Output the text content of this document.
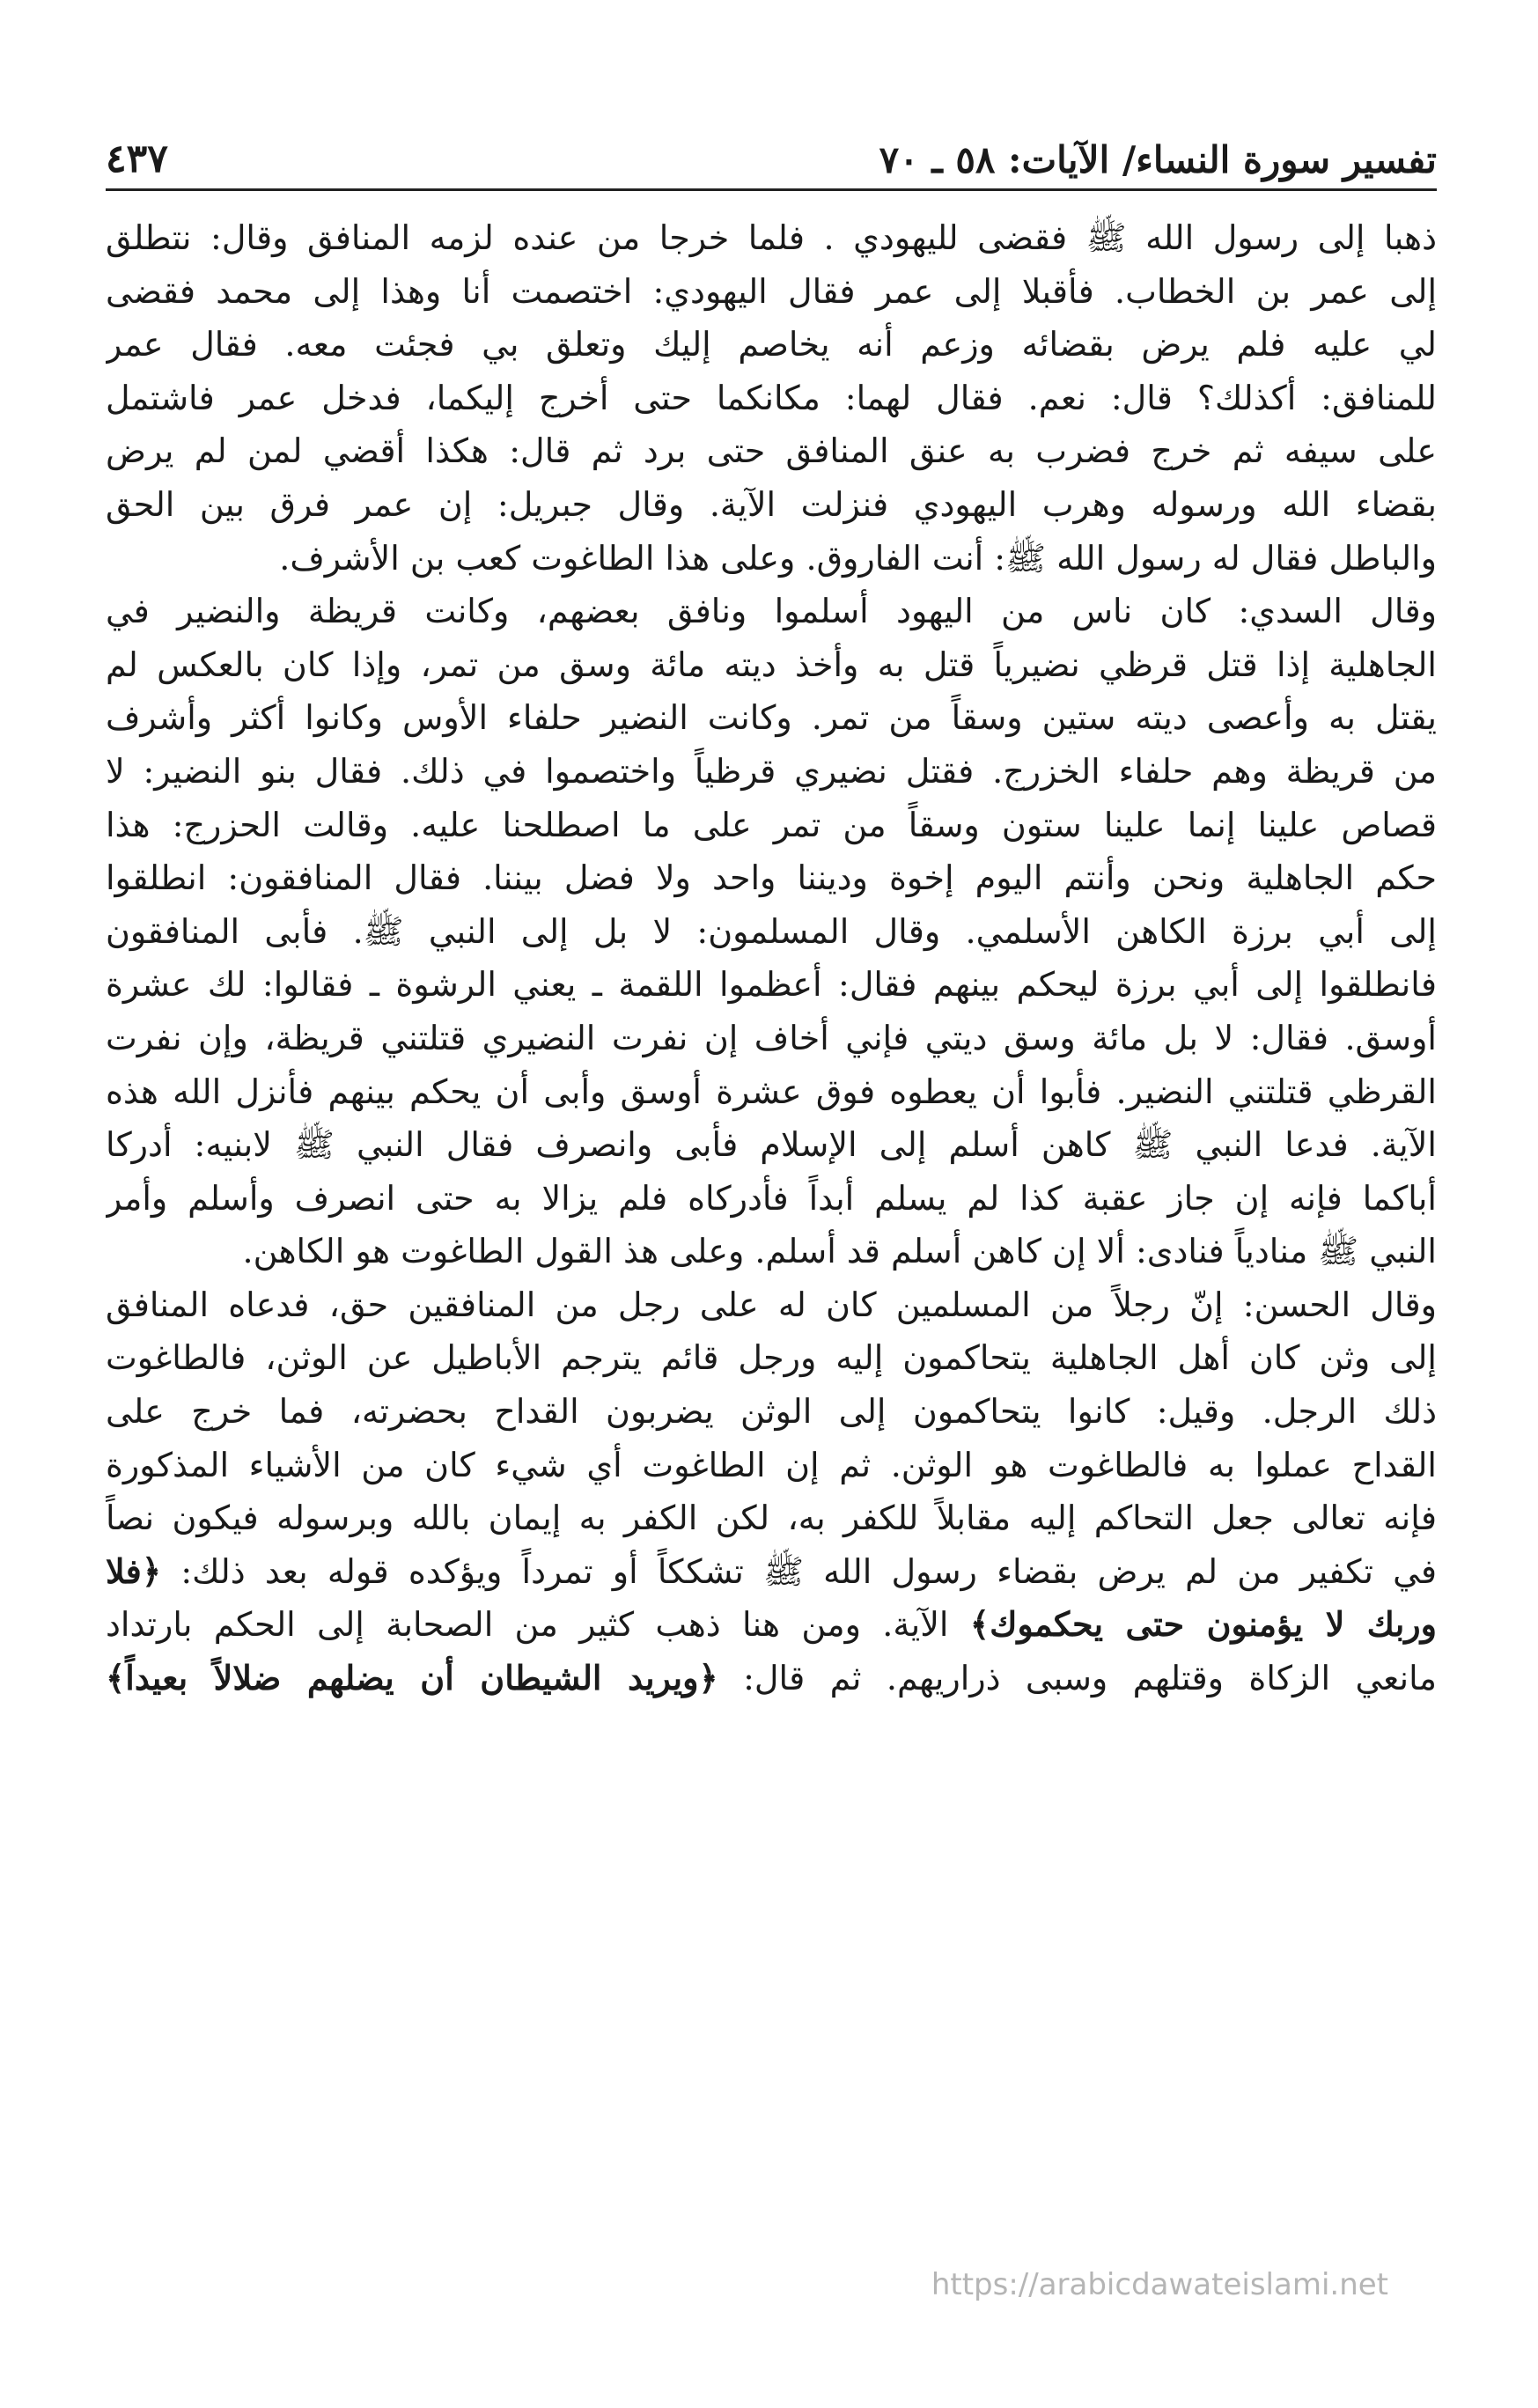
تفسير سورة النساء/ الآيات: ٥٨ ـ ٧٠
٤٣٧
ذهبا إلى رسول الله ﷺ فقضى لليهودي . فلما خرجا من عنده لزمه المنافق وقال: نتطلق
إلى عمر بن الخطاب. فأقبلا إلى عمر فقال اليهودي: اختصمت أنا وهذا إلى محمد فقضى
لي عليه فلم يرض بقضائه وزعم أنه يخاصم إليك وتعلق بي فجئت معه. فقال عمر
للمنافق: أكذلك؟ قال: نعم. فقال لهما: مكانكما حتى أخرج إليكما، فدخل عمر فاشتمل
على سيفه ثم خرج فضرب به عنق المنافق حتى برد ثم قال: هكذا أقضي لمن لم يرض
بقضاء الله ورسوله وهرب اليهودي فنزلت الآية. وقال جبريل: إن عمر فرق بين الحق
والباطل فقال له رسول الله ﷺ: أنت الفاروق. وعلى هذا الطاغوت كعب بن الأشرف.
وقال السدي: كان ناس من اليهود أسلموا ونافق بعضهم، وكانت قريظة والنضير في
الجاهلية إذا قتل قرظي نضيرياً قتل به وأخذ ديته مائة وسق من تمر، وإذا كان بالعكس لم
يقتل به وأعصى ديته ستين وسقاً من تمر. وكانت النضير حلفاء الأوس وكانوا أكثر وأشرف
من قريظة وهم حلفاء الخزرج. فقتل نضيري قرظياً واختصموا في ذلك. فقال بنو النضير: لا
قصاص علينا إنما علينا ستون وسقاً من تمر على ما اصطلحنا عليه. وقالت الحزرج: هذا
حكم الجاهلية ونحن وأنتم اليوم إخوة وديننا واحد ولا فضل بيننا. فقال المنافقون: انطلقوا
إلى أبي برزة الكاهن الأسلمي. وقال المسلمون: لا بل إلى النبي ﷺ. فأبى المنافقون
فانطلقوا إلى أبي برزة ليحكم بينهم فقال: أعظموا اللقمة ـ يعني الرشوة ـ فقالوا: لك عشرة
أوسق. فقال: لا بل مائة وسق ديتي فإني أخاف إن نفرت النضيري قتلتني قريظة، وإن نفرت
القرظي قتلتني النضير. فأبوا أن يعطوه فوق عشرة أوسق وأبى أن يحكم بينهم فأنزل الله هذه
الآية. فدعا النبي ﷺ كاهن أسلم إلى الإسلام فأبى وانصرف فقال النبي ﷺ لابنيه: أدركا
أباكما فإنه إن جاز عقبة كذا لم يسلم أبداً فأدركاه فلم يزالا به حتى انصرف وأسلم وأمر
النبي ﷺ منادياً فنادى: ألا إن كاهن أسلم قد أسلم. وعلى هذ القول الطاغوت هو الكاهن.
وقال الحسن: إنّ رجلاً من المسلمين كان له على رجل من المنافقين حق، فدعاه المنافق
إلى وثن كان أهل الجاهلية يتحاكمون إليه ورجل قائم يترجم الأباطيل عن الوثن، فالطاغوت
ذلك الرجل. وقيل: كانوا يتحاكمون إلى الوثن يضربون القداح بحضرته، فما خرج على
القداح عملوا به فالطاغوت هو الوثن. ثم إن الطاغوت أي شيء كان من الأشياء المذكورة
فإنه تعالى جعل التحاكم إليه مقابلاً للكفر به، لكن الكفر به إيمان بالله وبرسوله فيكون نصاً
في تكفير من لم يرض بقضاء رسول الله ﷺ تشككاً أو تمرداً ويؤكده قوله بعد ذلك: ﴿فلا
وربك لا يؤمنون حتى يحكموك﴾ الآية. ومن هنا ذهب كثير من الصحابة إلى الحكم بارتداد
مانعي الزكاة وقتلهم وسبى ذراريهم. ثم قال: ﴿ويريد الشيطان أن يضلهم ضلالاً بعيداً﴾
https://arabicdawateislami.net
